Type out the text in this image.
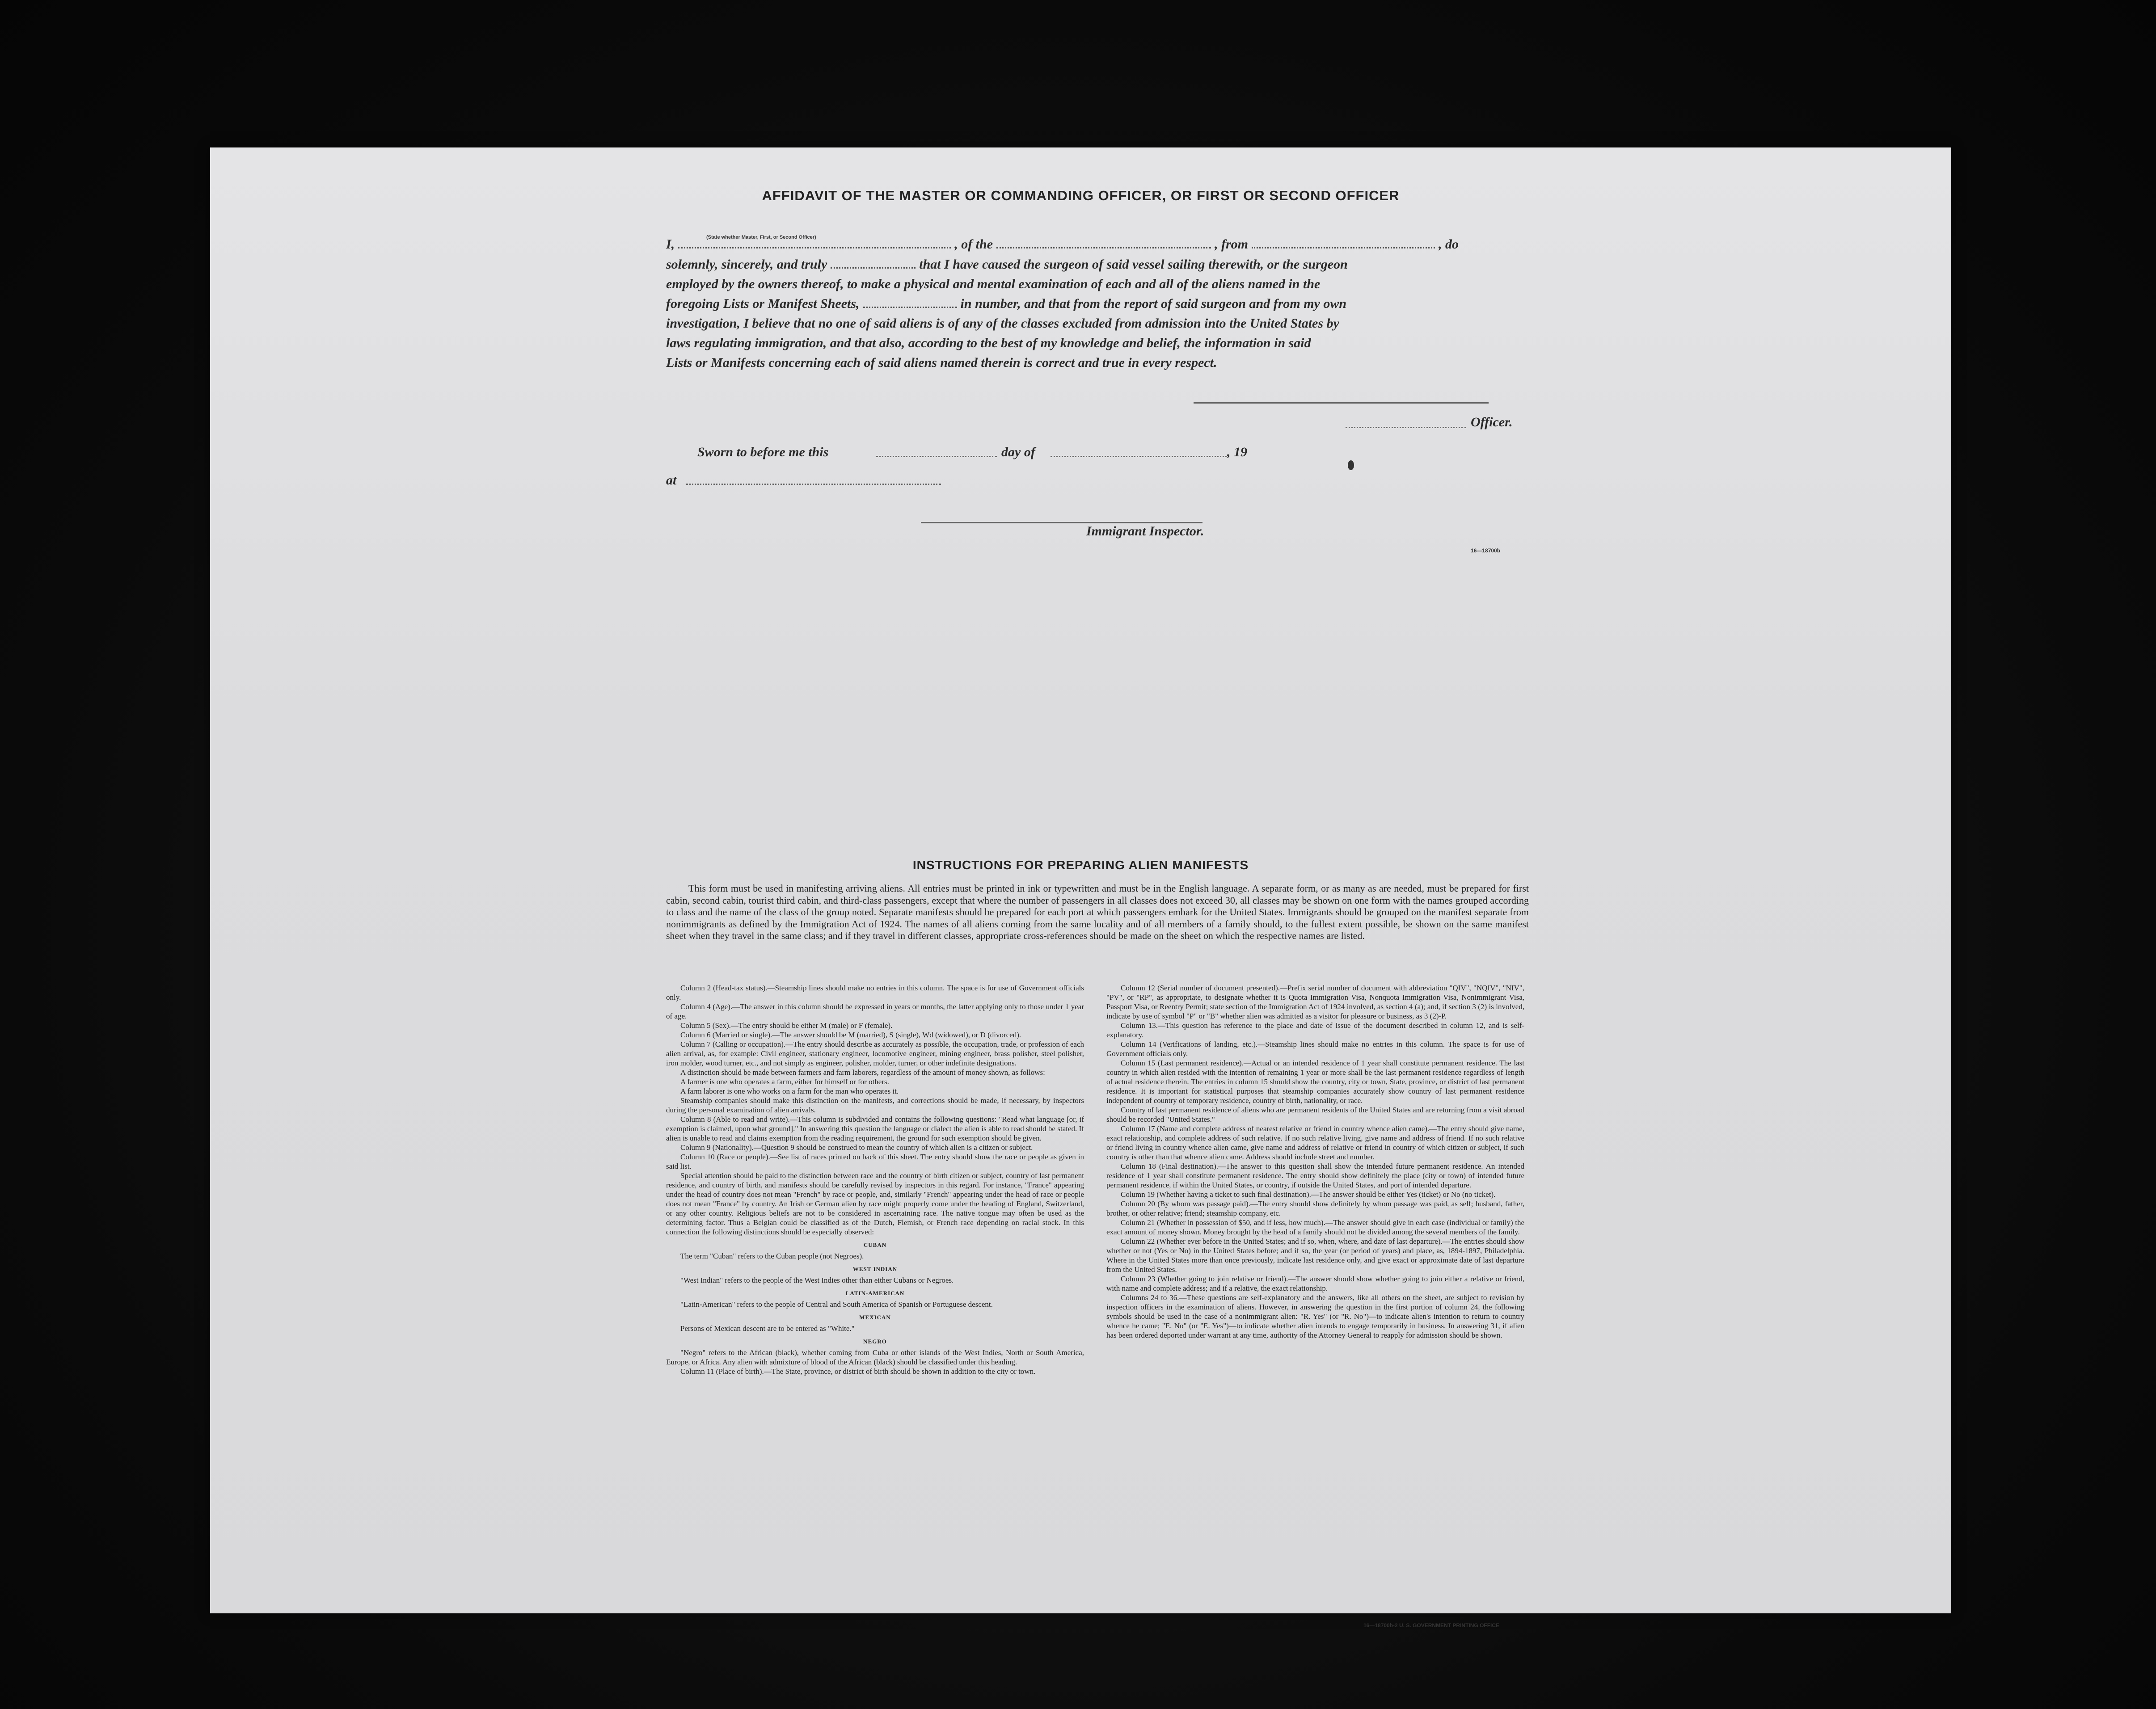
AFFIDAVIT OF THE MASTER OR COMMANDING OFFICER, OR FIRST OR SECOND OFFICER
I,	, of the	, from	, do
(State whether Master, First, or Second Officer)
solemnly, sincerely, and truly	that I have caused the surgeon of said vessel sailing therewith, or the surgeon
employed by the owners thereof, to make a physical and mental examination of each and all of the aliens named in the
foregoing Lists or Manifest Sheets,	in number, and that from the report of said surgeon and from my own
investigation, I believe that no one of said aliens is of any of the classes excluded from admission into the United States by
laws regulating immigration, and that also, according to the best of my knowledge and belief, the information in said
Lists or Manifests concerning each of said aliens named therein is correct and true in every respect.
Officer.
Sworn to before me this	day of	, 19
at
Immigrant Inspector.
16—18700b
INSTRUCTIONS FOR PREPARING ALIEN MANIFESTS
This form must be used in manifesting arriving aliens. All entries must be printed in ink or typewritten and must be in the English language. A separate form, or as many as are needed, must be prepared for first cabin, second cabin, tourist third cabin, and third-class passengers, except that where the number of passengers in all classes does not exceed 30, all classes may be shown on one form with the names grouped according to class and the name of the class of the group noted. Separate manifests should be prepared for each port at which passengers embark for the United States. Immigrants should be grouped on the manifest separate from nonimmigrants as defined by the Immigration Act of 1924. The names of all aliens coming from the same locality and of all members of a family should, to the fullest extent possible, be shown on the same manifest sheet when they travel in the same class; and if they travel in different classes, appropriate cross-references should be made on the sheet on which the respective names are listed.

Column 2 (Head-tax status).—Steamship lines should make no entries in this column. The space is for use of Government officials only.

Column 4 (Age).—The answer in this column should be expressed in years or months, the latter applying only to those under 1 year of age.

Column 5 (Sex).—The entry should be either M (male) or F (female).

Column 6 (Married or single).—The answer should be M (married), S (single), Wd (widowed), or D (divorced).

Column 7 (Calling or occupation).—The entry should describe as accurately as possible, the occupation, trade, or profession of each alien arrival, as, for example: Civil engineer, stationary engineer, locomotive engineer, mining engineer, brass polisher, steel polisher, iron molder, wood turner, etc., and not simply as engineer, polisher, molder, turner, or other indefinite designations.

A distinction should be made between farmers and farm laborers, regardless of the amount of money shown, as follows:

A farmer is one who operates a farm, either for himself or for others.

A farm laborer is one who works on a farm for the man who operates it.

Steamship companies should make this distinction on the manifests, and corrections should be made, if necessary, by inspectors during the personal examination of alien arrivals.

Column 8 (Able to read and write).—This column is subdivided and contains the following questions: "Read what language [or, if exemption is claimed, upon what ground]." In answering this question the language or dialect the alien is able to read should be stated. If alien is unable to read and claims exemption from the reading requirement, the ground for such exemption should be given.

Column 9 (Nationality).—Question 9 should be construed to mean the country of which alien is a citizen or subject.

Column 10 (Race or people).—See list of races printed on back of this sheet. The entry should show the race or people as given in said list.

Special attention should be paid to the distinction between race and the country of birth citizen or subject, country of last permanent residence, and country of birth, and manifests should be carefully revised by inspectors in this regard. For instance, "France" appearing under the head of country does not mean "French" by race or people, and, similarly "French" appearing under the head of race or people does not mean "France" by country. An Irish or German alien by race might properly come under the heading of England, Switzerland, or any other country. Religious beliefs are not to be considered in ascertaining race. The native tongue may often be used as the determining factor. Thus a Belgian could be classified as of the Dutch, Flemish, or French race depending on racial stock. In this connection the following distinctions should be especially observed:

CUBAN

The term "Cuban" refers to the Cuban people (not Negroes).

WEST INDIAN

"West Indian" refers to the people of the West Indies other than either Cubans or Negroes.

LATIN-AMERICAN

"Latin-American" refers to the people of Central and South America of Spanish or Portuguese descent.

MEXICAN

Persons of Mexican descent are to be entered as "White."

NEGRO

"Negro" refers to the African (black), whether coming from Cuba or other islands of the West Indies, North or South America, Europe, or Africa. Any alien with admixture of blood of the African (black) should be classified under this heading.

Column 11 (Place of birth).—The State, province, or district of birth should be shown in addition to the city or town.

Column 12 (Serial number of document presented).—Prefix serial number of document with abbreviation "QIV", "NQIV", "NIV", "PV", or "RP", as appropriate, to designate whether it is Quota Immigration Visa, Nonquota Immigration Visa, Nonimmigrant Visa, Passport Visa, or Reentry Permit; state section of the Immigration Act of 1924 involved, as section 4 (a); and, if section 3 (2) is involved, indicate by use of symbol "P" or "B" whether alien was admitted as a visitor for pleasure or business, as 3 (2)-P.

Column 13.—This question has reference to the place and date of issue of the document described in column 12, and is self-explanatory.

Column 14 (Verifications of landing, etc.).—Steamship lines should make no entries in this column. The space is for use of Government officials only.

Column 15 (Last permanent residence).—Actual or an intended residence of 1 year shall constitute permanent residence. The last country in which alien resided with the intention of remaining 1 year or more shall be the last permanent residence regardless of length of actual residence therein. The entries in column 15 should show the country, city or town, State, province, or district of last permanent residence. It is important for statistical purposes that steamship companies accurately show country of last permanent residence independent of country of temporary residence, country of birth, nationality, or race.

Country of last permanent residence of aliens who are permanent residents of the United States and are returning from a visit abroad should be recorded "United States."

Column 17 (Name and complete address of nearest relative or friend in country whence alien came).—The entry should give name, exact relationship, and complete address of such relative. If no such relative living, give name and address of friend. If no such relative or friend living in country whence alien came, give name and address of relative or friend in country of which citizen or subject, if such country is other than that whence alien came. Address should include street and number.

Column 18 (Final destination).—The answer to this question shall show the intended future permanent residence. An intended residence of 1 year shall constitute permanent residence. The entry should show definitely the place (city or town) of intended future permanent residence, if within the United States, or country, if outside the United States, and port of intended departure.

Column 19 (Whether having a ticket to such final destination).—The answer should be either Yes (ticket) or No (no ticket).

Column 20 (By whom was passage paid).—The entry should show definitely by whom passage was paid, as self; husband, father, brother, or other relative; friend; steamship company, etc.

Column 21 (Whether in possession of $50, and if less, how much).—The answer should give in each case (individual or family) the exact amount of money shown. Money brought by the head of a family should not be divided among the several members of the family.

Column 22 (Whether ever before in the United States; and if so, when, where, and date of last departure).—The entries should show whether or not (Yes or No) in the United States before; and if so, the year (or period of years) and place, as, 1894-1897, Philadelphia. Where in the United States more than once previously, indicate last residence only, and give exact or approximate date of last departure from the United States.

Column 23 (Whether going to join relative or friend).—The answer should show whether going to join either a relative or friend, with name and complete address; and if a relative, the exact relationship.

Columns 24 to 36.—These questions are self-explanatory and the answers, like all others on the sheet, are subject to revision by inspection officers in the examination of aliens. However, in answering the question in the first portion of column 24, the following symbols should be used in the case of a nonimmigrant alien: "R. Yes" (or "R. No")—to indicate alien's intention to return to country whence he came; "E. No" (or "E. Yes")—to indicate whether alien intends to engage temporarily in business. In answering 31, if alien has been ordered deported under warrant at any time, authority of the Attorney General to reapply for admission should be shown.

16—18700b-2 U. S. GOVERNMENT PRINTING OFFICE
